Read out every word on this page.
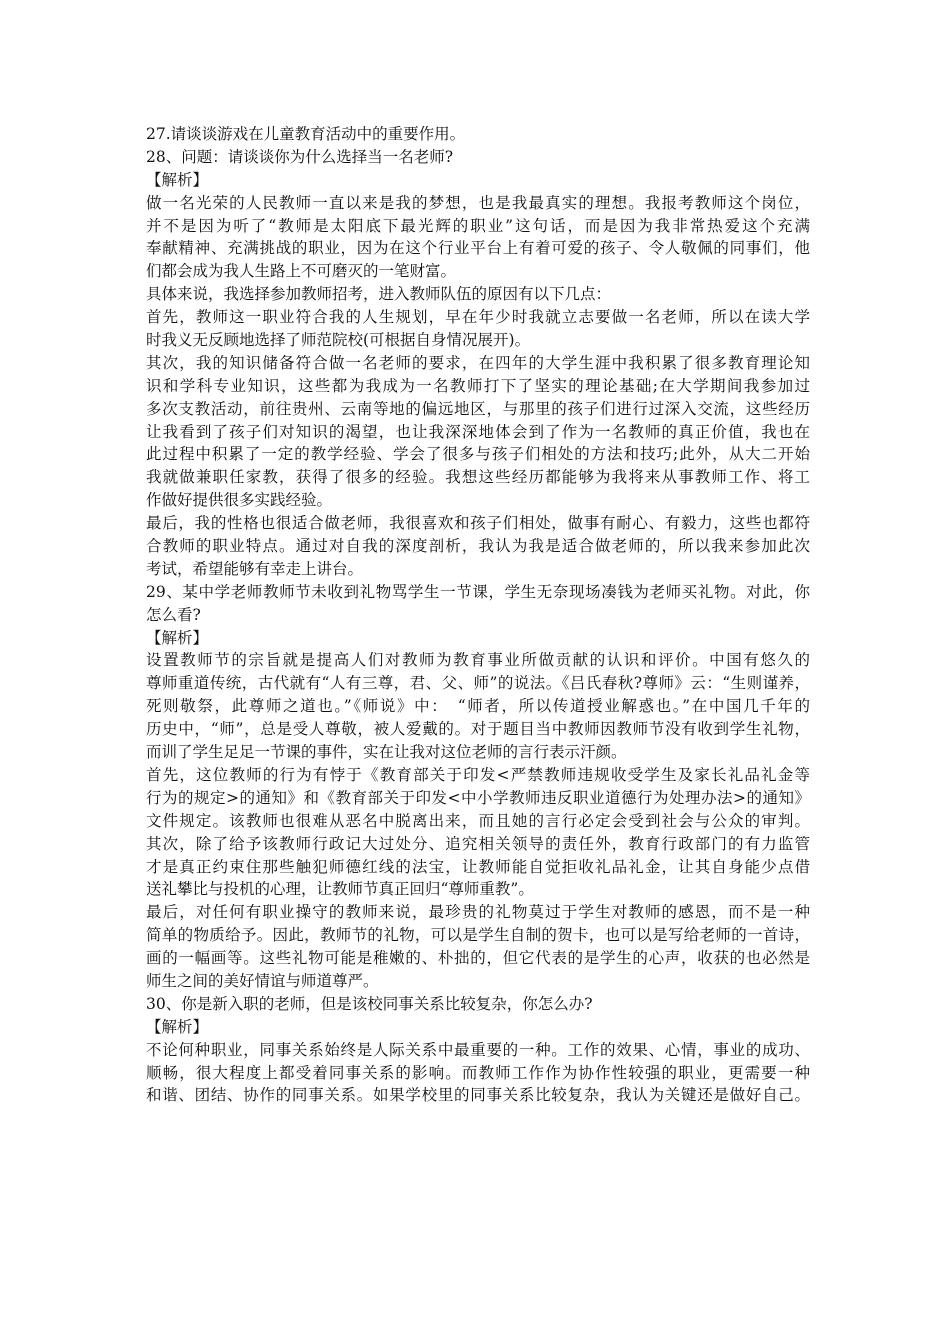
27.请谈谈游戏在儿童教育活动中的重要作用。
28、问题：请谈谈你为什么选择当一名老师?
【解析】
做一名光荣的人民教师一直以来是我的梦想，也是我最真实的理想。我报考教师这个岗位，
并不是因为听了“教师是太阳底下最光辉的职业”这句话，而是因为我非常热爱这个充满
奉献精神、充满挑战的职业，因为在这个行业平台上有着可爱的孩子、令人敬佩的同事们，他
们都会成为我人生路上不可磨灭的一笔财富。
具体来说，我选择参加教师招考，进入教师队伍的原因有以下几点：
首先，教师这一职业符合我的人生规划，早在年少时我就立志要做一名老师，所以在读大学
时我义无反顾地选择了师范院校(可根据自身情况展开)。
其次，我的知识储备符合做一名老师的要求，在四年的大学生涯中我积累了很多教育理论知
识和学科专业知识，这些都为我成为一名教师打下了坚实的理论基础;在大学期间我参加过
多次支教活动，前往贵州、云南等地的偏远地区，与那里的孩子们进行过深入交流，这些经历
让我看到了孩子们对知识的渴望，也让我深深地体会到了作为一名教师的真正价值，我也在
此过程中积累了一定的教学经验、学会了很多与孩子们相处的方法和技巧;此外，从大二开始
我就做兼职任家教，获得了很多的经验。我想这些经历都能够为我将来从事教师工作、将工
作做好提供很多实践经验。
最后，我的性格也很适合做老师，我很喜欢和孩子们相处，做事有耐心、有毅力，这些也都符
合教师的职业特点。通过对自我的深度剖析，我认为我是适合做老师的，所以我来参加此次
考试，希望能够有幸走上讲台。
29、某中学老师教师节未收到礼物骂学生一节课，学生无奈现场凑钱为老师买礼物。对此，你
怎么看?
【解析】
设置教师节的宗旨就是提高人们对教师为教育事业所做贡献的认识和评价。中国有悠久的
尊师重道传统，古代就有“人有三尊，君、父、师”的说法。《吕氏春秋?尊师》云：“生则谨养，
死则敬祭，此尊师之道也。”《师说》中：　“师者，所以传道授业解惑也。”在中国几千年的
历史中，“师”，总是受人尊敬，被人爱戴的。对于题目当中教师因教师节没有收到学生礼物，
而训了学生足足一节课的事件，实在让我对这位老师的言行表示汗颜。
首先，这位教师的行为有悖于《教育部关于印发<严禁教师违规收受学生及家长礼品礼金等
行为的规定>的通知》和《教育部关于印发<中小学教师违反职业道德行为处理办法>的通知》
文件规定。该教师也很难从恶名中脱离出来，而且她的言行必定会受到社会与公众的审判。
其次，除了给予该教师行政记大过处分、追究相关领导的责任外，教育行政部门的有力监管
才是真正约束住那些触犯师德红线的法宝，让教师能自觉拒收礼品礼金，让其自身能少点借
送礼攀比与投机的心理，让教师节真正回归“尊师重教”。
最后，对任何有职业操守的教师来说，最珍贵的礼物莫过于学生对教师的感恩，而不是一种
简单的物质给予。因此，教师节的礼物，可以是学生自制的贺卡，也可以是写给老师的一首诗，
画的一幅画等。这些礼物可能是稚嫩的、朴拙的，但它代表的是学生的心声，收获的也必然是
师生之间的美好情谊与师道尊严。
30、你是新入职的老师，但是该校同事关系比较复杂，你怎么办?
【解析】
不论何种职业，同事关系始终是人际关系中最重要的一种。工作的效果、心情，事业的成功、
顺畅，很大程度上都受着同事关系的影响。而教师工作作为协作性较强的职业，更需要一种
和谐、团结、协作的同事关系。如果学校里的同事关系比较复杂，我认为关键还是做好自己。
